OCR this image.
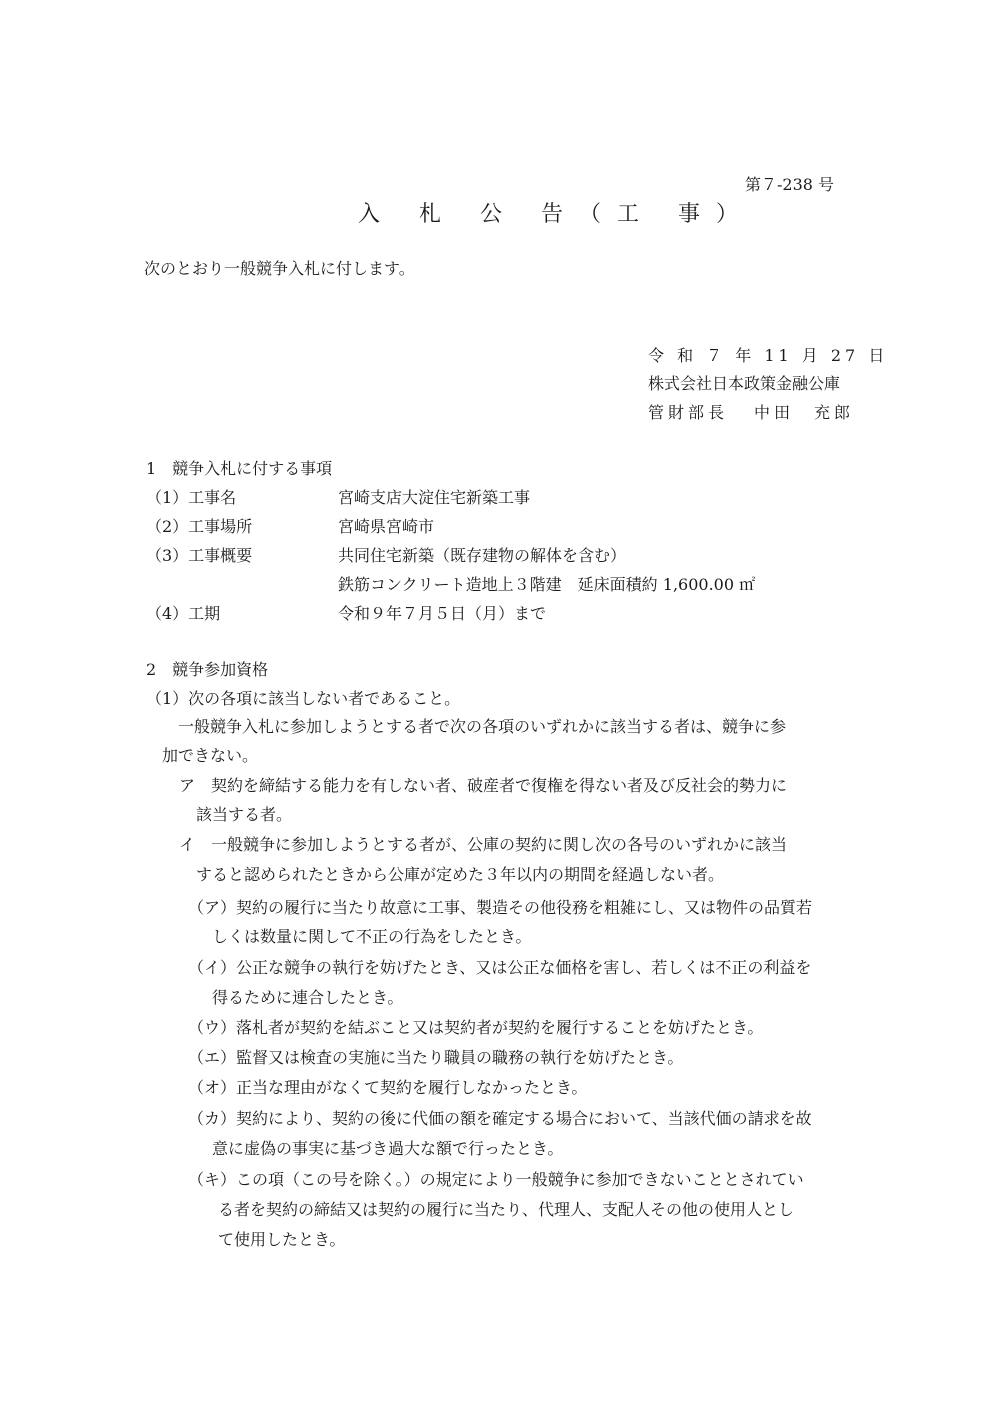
第７-238 号
入 札 公 告（工 事）
次のとおり一般競争入札に付します。
令 和 ７ 年 11 月 27 日
株式会社日本政策金融公庫
管財部長 中田　充郎
1　競争入札に付する事項
（1）工事名	宮崎支店大淀住宅新築工事
（2）工事場所	宮崎県宮崎市
（3）工事概要	共同住宅新築（既存建物の解体を含む）
鉄筋コンクリート造地上３階建　延床面積約 1,600.00 ㎡
（4）工期	令和９年７月５日（月）まで
2　競争参加資格
（1）次の各項に該当しない者であること。
一般競争入札に参加しようとする者で次の各項のいずれかに該当する者は、競争に参
加できない。
ア　契約を締結する能力を有しない者、破産者で復権を得ない者及び反社会的勢力に
該当する者。
イ　一般競争に参加しようとする者が、公庫の契約に関し次の各号のいずれかに該当
すると認められたときから公庫が定めた３年以内の期間を経過しない者。
（ア）契約の履行に当たり故意に工事、製造その他役務を粗雑にし、又は物件の品質若
しくは数量に関して不正の行為をしたとき。
（イ）公正な競争の執行を妨げたとき、又は公正な価格を害し、若しくは不正の利益を
得るために連合したとき。
（ウ）落札者が契約を結ぶこと又は契約者が契約を履行することを妨げたとき。
（エ）監督又は検査の実施に当たり職員の職務の執行を妨げたとき。
（オ）正当な理由がなくて契約を履行しなかったとき。
（カ）契約により、契約の後に代価の額を確定する場合において、当該代価の請求を故
意に虚偽の事実に基づき過大な額で行ったとき。
（キ）この項（この号を除く。）の規定により一般競争に参加できないこととされてい
る者を契約の締結又は契約の履行に当たり、代理人、支配人その他の使用人とし
て使用したとき。
